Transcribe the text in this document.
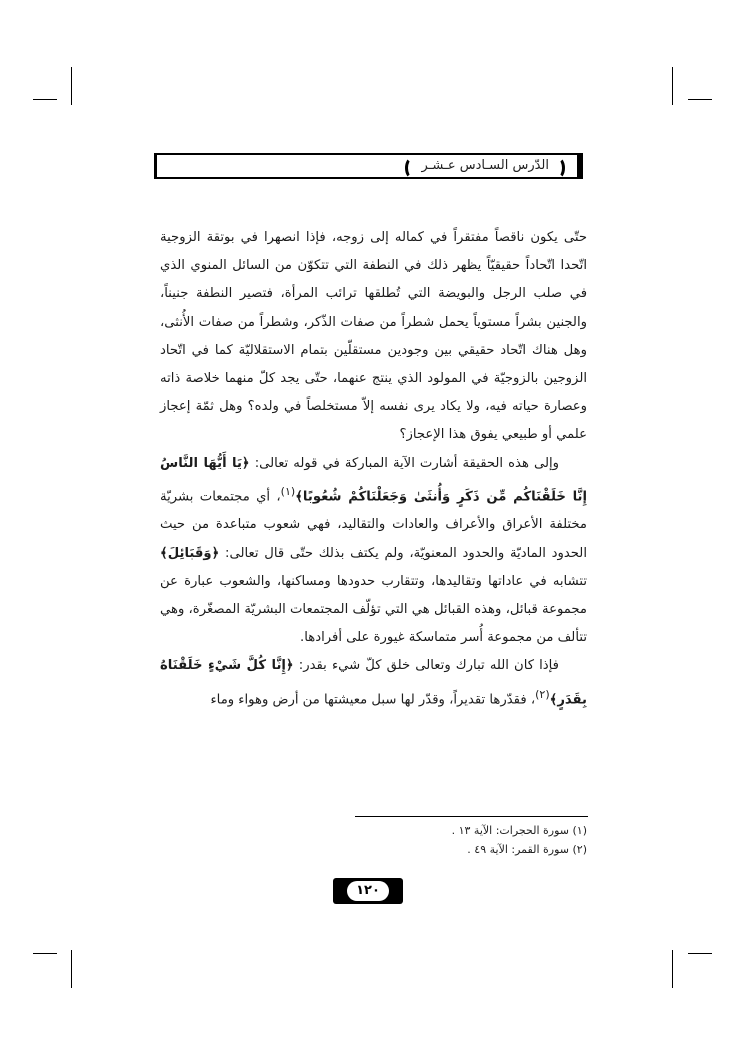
الدّرس السـادس عـشـر

حتّى يكون ناقصاً مفتقراً في كماله إلى زوجه، فإذا انصهرا في بوتقة الزوجية اتّحدا اتّحاداً حقيقيّاً يظهر ذلك في النطفة التي تتكوّن من السائل المنوي الذي في صلب الرجل والبويضة التي تُطلقها ترائب المرأة، فتصير النطفة جنيناً، والجنين بشراً مستوياً يحمل شطراً من صفات الذّكر، وشطراً من صفات الأُنثى، وهل هناك اتّحاد حقيقي بين وجودين مستقلّين بتمام الاستقلاليّة كما في اتّحاد الزوجين بالزوجيّة في المولود الذي ينتج عنهما، حتّى يجد كلّ منهما خلاصة ذاته وعصارة حياته فيه، ولا يكاد يرى نفسه إلاّ مستخلصاً في ولده؟ وهل ثمّة إعجاز علمي أو طبيعي يفوق هذا الإعجاز؟

وإلى هذه الحقيقة أشارت الآية المباركة في قوله تعالى: ﴿يَا أَيُّهَا النَّاسُ إِنَّا خَلَقْنَاكُم مِّن ذَكَرٍ وَأُنثَىٰ وَجَعَلْنَاكُمْ شُعُوبًا﴾$^{(١)}$، أي مجتمعات بشريّة مختلفة الأعراق والأعراف والعادات والتقاليد، فهي شعوب متباعدة من حيث الحدود الماديّة والحدود المعنويّة، ولم يكتف بذلك حتّى قال تعالى: ﴿وَقَبَائِلَ﴾ تتشابه في عاداتها وتقاليدها، وتتقارب حدودها ومساكنها، والشعوب عبارة عن مجموعة قبائل، وهذه القبائل هي التي تؤلّف المجتمعات البشريّة المصغّرة، وهي تتألف من مجموعة أُسر متماسكة غيورة على أفرادها.

فإذا كان الله تبارك وتعالى خلق كلّ شيء بقدر: ﴿إِنَّا كُلَّ شَيْءٍ خَلَقْنَاهُ بِقَدَرٍ﴾$^{(٢)}$، فقدّرها تقديراً، وقدّر لها سبل معيشتها من أرض وهواء وماء

(١) سورة الحجرات: الآية ١٣ .
(٢) سورة القمر: الآية ٤٩ .
١٢٠
